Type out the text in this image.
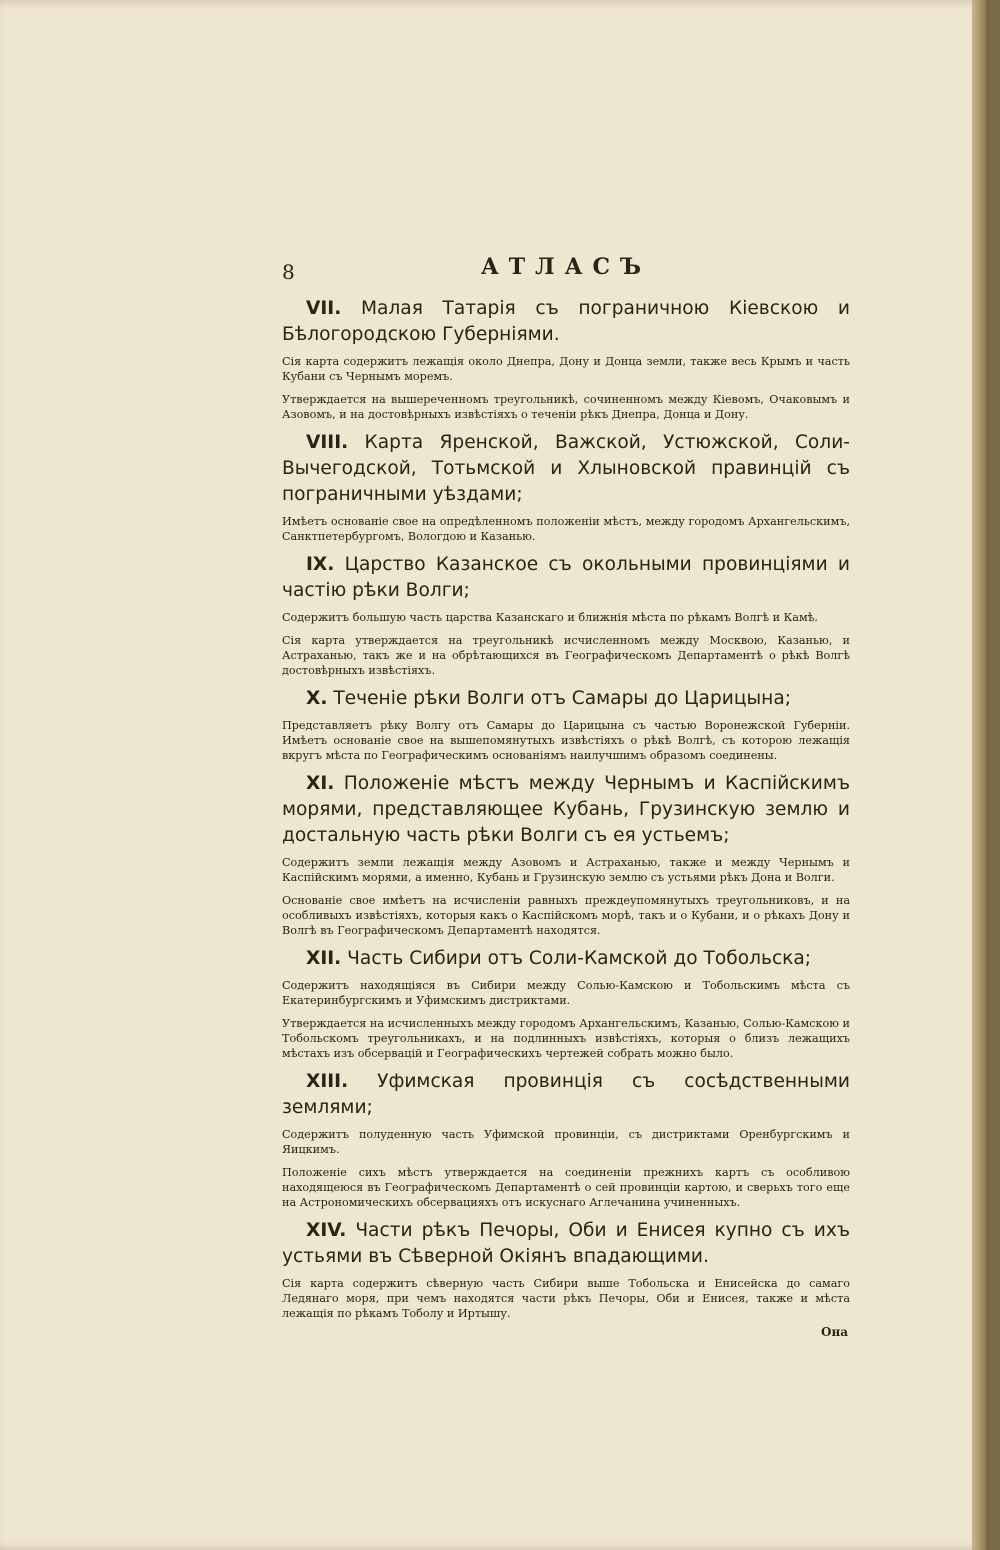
8	АТЛАСЪ

VII. Малая Татарія съ пограничною Кіевскою и Бѣлогородскою Губерніями.

Сія карта содержитъ лежащія около Днепра, Дону и Донца земли, также весь Крымъ и часть Кубани съ Чернымъ моремъ.

Утверждается на вышереченномъ треугольникѣ, сочиненномъ между Кіевомъ, Очаковымъ и Азовомъ, и на достовѣрныхъ извѣстіяхъ о теченіи рѣкъ Днепра, Донца и Дону.

VIII. Карта Яренской, Важской, Устюжской, Соли-Вычегодской, Тотьмской и Хлыновской правинцій съ пограничными уѣздами;

Имѣетъ основаніе свое на опредѣленномъ положеніи мѣстъ, между городомъ Архангельскимъ, Санктпетербургомъ, Вологдою и Казанью.

IX. Царство Казанское съ окольными провинціями и частію рѣки Волги;

Содержитъ большую часть царства Казанскаго и ближнія мѣста по рѣкамъ Волгѣ и Камѣ.

Сія карта утверждается на треугольникѣ исчисленномъ между Москвою, Казанью, и Астраханью, такъ же и на обрѣтающихся въ Географическомъ Департаментѣ о рѣкѣ Волгѣ достовѣрныхъ извѣстіяхъ.

X. Теченіе рѣки Волги отъ Самары до Царицына;

Представляетъ рѣку Волгу отъ Самары до Царицына съ частью Воронежской Губерніи. Имѣетъ основаніе свое на вышепомянутыхъ извѣстіяхъ о рѣкѣ Волгѣ, съ которою лежащія вкругъ мѣста по Географическимъ основаніямъ наилучшимъ образомъ соединены.

XI. Положеніе мѣстъ между Чернымъ и Каспійскимъ морями, представляющее Кубань, Грузинскую землю и достальную часть рѣки Волги съ ея устьемъ;

Содержитъ земли лежащія между Азовомъ и Астраханью, также и между Чернымъ и Каспійскимъ морями, а именно, Кубань и Грузинскую землю съ устьями рѣкъ Дона и Волги.

Основаніе свое имѣетъ на исчисленіи равныхъ преждеупомянутыхъ треугольниковъ, и на особливыхъ извѣстіяхъ, которыя какъ о Каспійскомъ морѣ, такъ и о Кубани, и о рѣкахъ Дону и Волгѣ въ Географическомъ Департаментѣ находятся.

XII. Часть Сибири отъ Соли-Камской до Тобольска;

Содержитъ находящіяся въ Сибири между Солью-Камскою и Тобольскимъ мѣста съ Екатеринбургскимъ и Уфимскимъ дистриктами.

Утверждается на исчисленныхъ между городомъ Архангельскимъ, Казанью, Солью-Камскою и Тобольскомъ треугольникахъ, и на подлинныхъ извѣстіяхъ, которыя о близъ лежащихъ мѣстахъ изъ обсервацій и Географическихъ чертежей собрать можно было.

XIII. Уфимская провинція съ сосѣдственными землями;

Содержитъ полуденную часть Уфимской провинціи, съ дистриктами Оренбургскимъ и Яицкимъ.

Положеніе сихъ мѣстъ утверждается на соединеніи прежнихъ картъ съ особливою находящеюся въ Географическомъ Департаментѣ о сей провинціи картою, и сверьхъ того еще на Астрономическихъ обсервацияхъ отъ искуснаго Аглечанина учиненныхъ.

XIV. Части рѣкъ Печоры, Оби и Енисея купно съ ихъ устьями въ Сѣверной Окіянъ впадающими.

Сія карта содержитъ сѣверную часть Сибири выше Тобольска и Енисейска до самаго Ледянаго моря, при чемъ находятся части рѣкъ Печоры, Оби и Енисея, также и мѣста лежащія по рѣкамъ Тоболу и Иртышу.

Она
